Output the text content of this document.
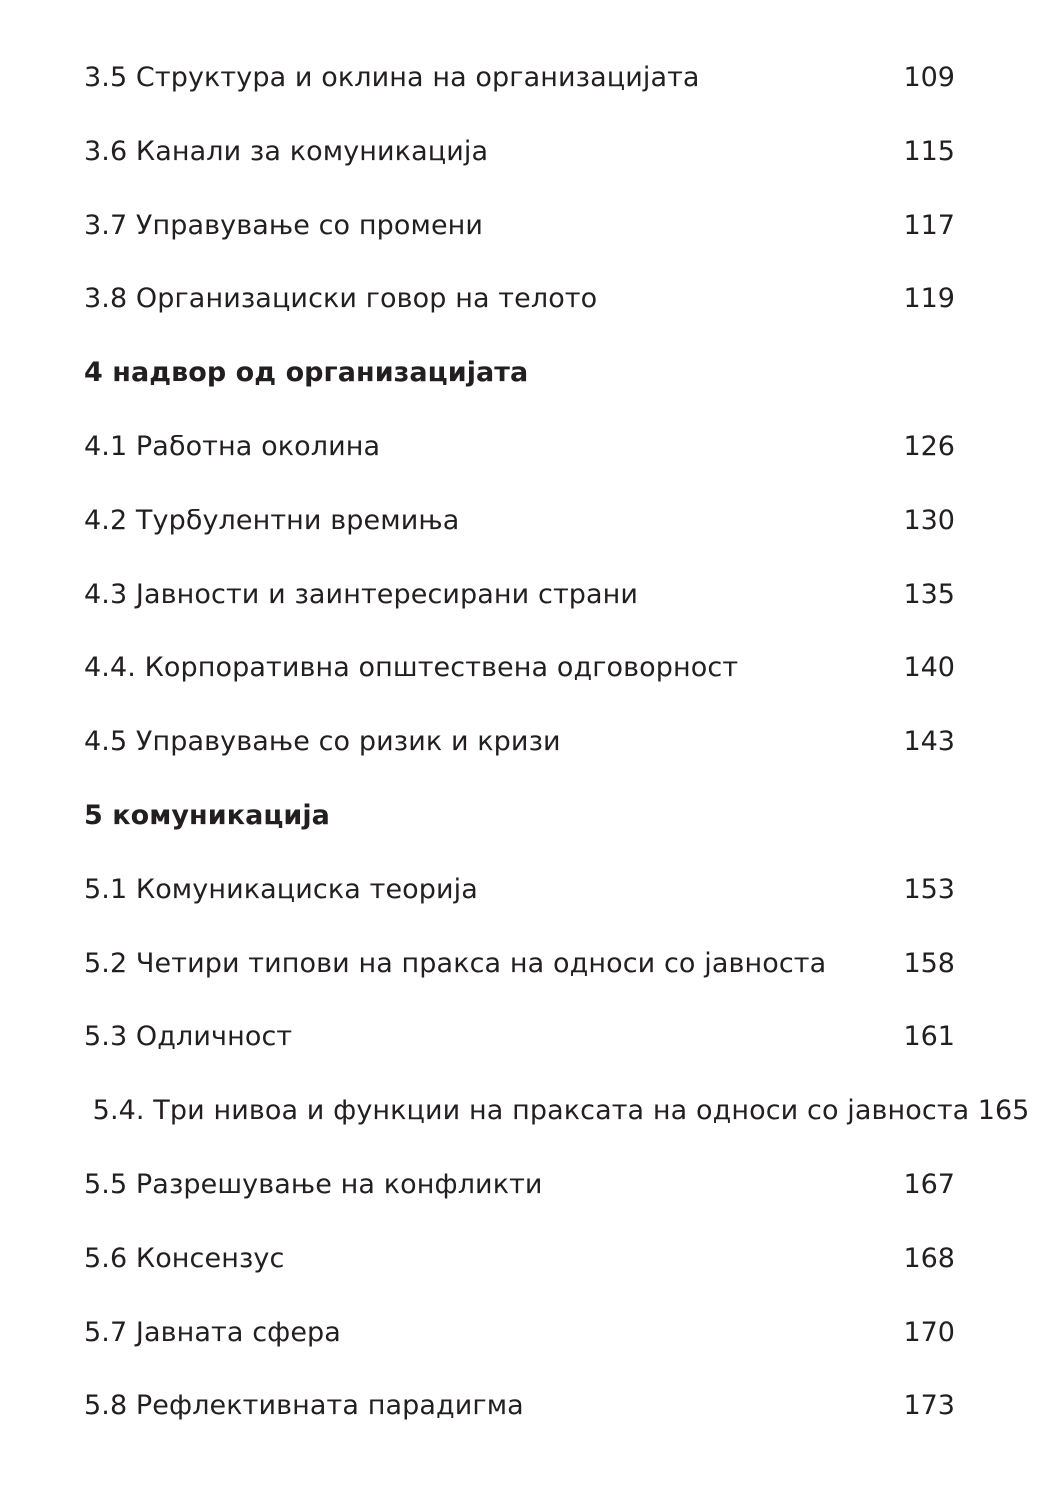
3.5 Структура и оклина на организацијата	109
3.6 Канали за комуникација	115
3.7 Управување со промени	117
3.8 Организациски говор на телото	119
4 надвор од организацијата
4.1 Работна околина	126
4.2 Турбулентни времиња	130
4.3 Јавности и заинтересирани страни	135
4.4. Корпоративна општествена одговорност	140
4.5 Управување со ризик и кризи	143
5 комуникација
5.1 Комуникациска теорија	153
5.2 Четири типови на пракса на односи со јавноста	158
5.3 Одличност	161
5.4. Три нивоа и функции на праксата на односи со јавноста 165
5.5 Разрешување на конфликти	167
5.6 Консензус	168
5.7 Јавната сфера	170
5.8 Рефлективната парадигма	173
